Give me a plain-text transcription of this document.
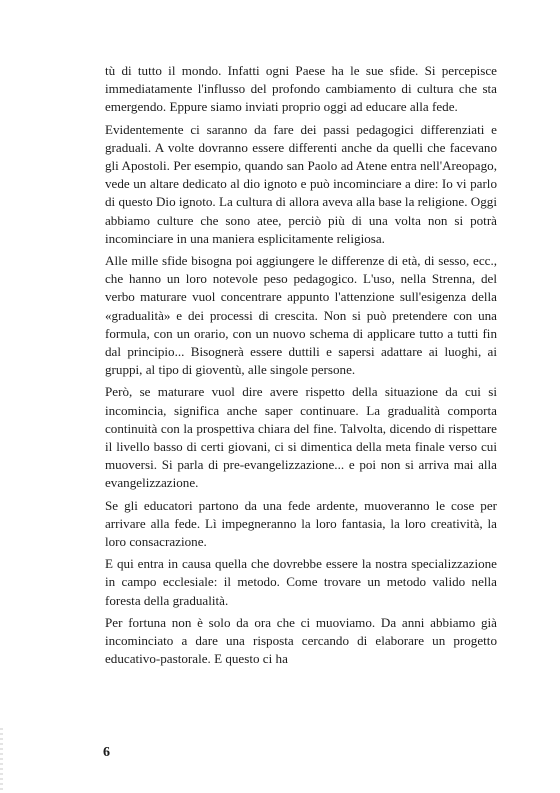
tù di tutto il mondo. Infatti ogni Paese ha le sue sfide. Si percepisce immediatamente l'influsso del profondo cambiamento di cultura che sta emergendo. Eppure siamo inviati proprio oggi ad educare alla fede.

Evidentemente ci saranno da fare dei passi pedagogici differenziati e graduali. A volte dovranno essere differenti anche da quelli che facevano gli Apostoli. Per esempio, quando san Paolo ad Atene entra nell'Areopago, vede un altare dedicato al dio ignoto e può incominciare a dire: Io vi parlo di questo Dio ignoto. La cultura di allora aveva alla base la religione. Oggi abbiamo culture che sono atee, perciò più di una volta non si potrà incominciare in una maniera esplicitamente religiosa.

Alle mille sfide bisogna poi aggiungere le differenze di età, di sesso, ecc., che hanno un loro notevole peso pedagogico. L'uso, nella Strenna, del verbo maturare vuol concentrare appunto l'attenzione sull'esigenza della «gradualità» e dei processi di crescita. Non si può pretendere con una formula, con un orario, con un nuovo schema di applicare tutto a tutti fin dal principio... Bisognerà essere duttili e sapersi adattare ai luoghi, ai gruppi, al tipo di gioventù, alle singole persone.

Però, se maturare vuol dire avere rispetto della situazione da cui si incomincia, significa anche saper continuare. La gradualità comporta continuità con la prospettiva chiara del fine. Talvolta, dicendo di rispettare il livello basso di certi giovani, ci si dimentica della meta finale verso cui muoversi. Si parla di pre-evangelizzazione... e poi non si arriva mai alla evangelizzazione.

Se gli educatori partono da una fede ardente, muoveranno le cose per arrivare alla fede. Lì impegneranno la loro fantasia, la loro creatività, la loro consacrazione.

E qui entra in causa quella che dovrebbe essere la nostra specializzazione in campo ecclesiale: il metodo. Come trovare un metodo valido nella foresta della gradualità.

Per fortuna non è solo da ora che ci muoviamo. Da anni abbiamo già incominciato a dare una risposta cercando di elaborare un progetto educativo-pastorale. E questo ci ha

6
